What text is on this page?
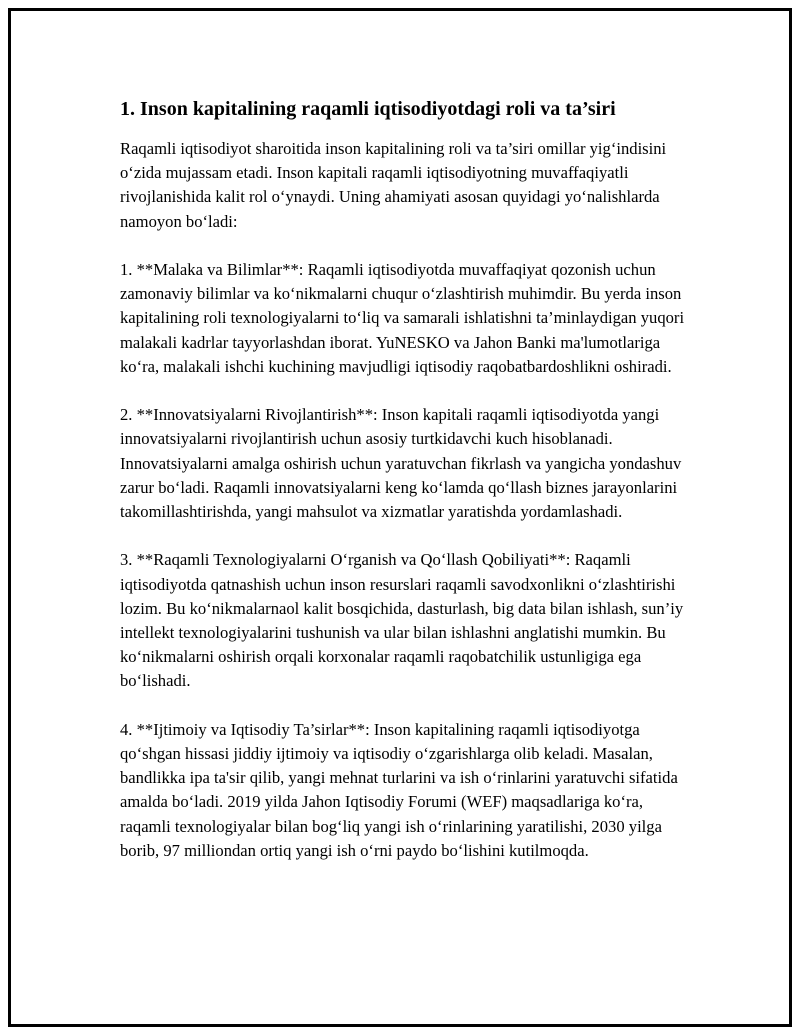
1. Inson kapitalining raqamli iqtisodiyotdagi roli va ta’siri

Raqamli iqtisodiyot sharoitida inson kapitalining roli va ta’siri omillar yig‘indisini o‘zida mujassam etadi. Inson kapitali raqamli iqtisodiyotning muvaffaqiyatli rivojlanishida kalit rol o‘ynaydi. Uning ahamiyati asosan quyidagi yo‘nalishlarda namoyon bo‘ladi:

1. **Malaka va Bilimlar**: Raqamli iqtisodiyotda muvaffaqiyat qozonish uchun zamonaviy bilimlar va ko‘nikmalarni chuqur o‘zlashtirish muhimdir. Bu yerda inson kapitalining roli texnologiyalarni to‘liq va samarali ishlatishni ta’minlaydigan yuqori malakali kadrlar tayyorlashdan iborat. YuNESKO va Jahon Banki ma'lumotlariga ko‘ra, malakali ishchi kuchining mavjudligi iqtisodiy raqobatbardoshlikni oshiradi.

2. **Innovatsiyalarni Rivojlantirish**: Inson kapitali raqamli iqtisodiyotda yangi innovatsiyalarni rivojlantirish uchun asosiy turtkidavchi kuch hisoblanadi. Innovatsiyalarni amalga oshirish uchun yaratuvchan fikrlash va yangicha yondashuv zarur bo‘ladi. Raqamli innovatsiyalarni keng ko‘lamda qo‘llash biznes jarayonlarini takomillashtirishda, yangi mahsulot va xizmatlar yaratishda yordamlashadi.

3. **Raqamli Texnologiyalarni O‘rganish va Qo‘llash Qobiliyati**: Raqamli iqtisodiyotda qatnashish uchun inson resurslari raqamli savodxonlikni o‘zlashtirishi lozim. Bu ko‘nikmalarnaol kalit bosqichida, dasturlash, big data bilan ishlash, sun’iy intellekt texnologiyalarini tushunish va ular bilan ishlashni anglatishi mumkin. Bu ko‘nikmalarni oshirish orqali korxonalar raqamli raqobatchilik ustunligiga ega bo‘lishadi.

4. **Ijtimoiy va Iqtisodiy Ta’sirlar**: Inson kapitalining raqamli iqtisodiyotga qo‘shgan hissasi jiddiy ijtimoiy va iqtisodiy o‘zgarishlarga olib keladi. Masalan, bandlikka ipa ta'sir qilib, yangi mehnat turlarini va ish o‘rinlarini yaratuvchi sifatida amalda bo‘ladi. 2019 yilda Jahon Iqtisodiy Forumi (WEF) maqsadlariga ko‘ra, raqamli texnologiyalar bilan bog‘liq yangi ish o‘rinlarining yaratilishi, 2030 yilga borib, 97 milliondan ortiq yangi ish o‘rni paydo bo‘lishini kutilmoqda.
